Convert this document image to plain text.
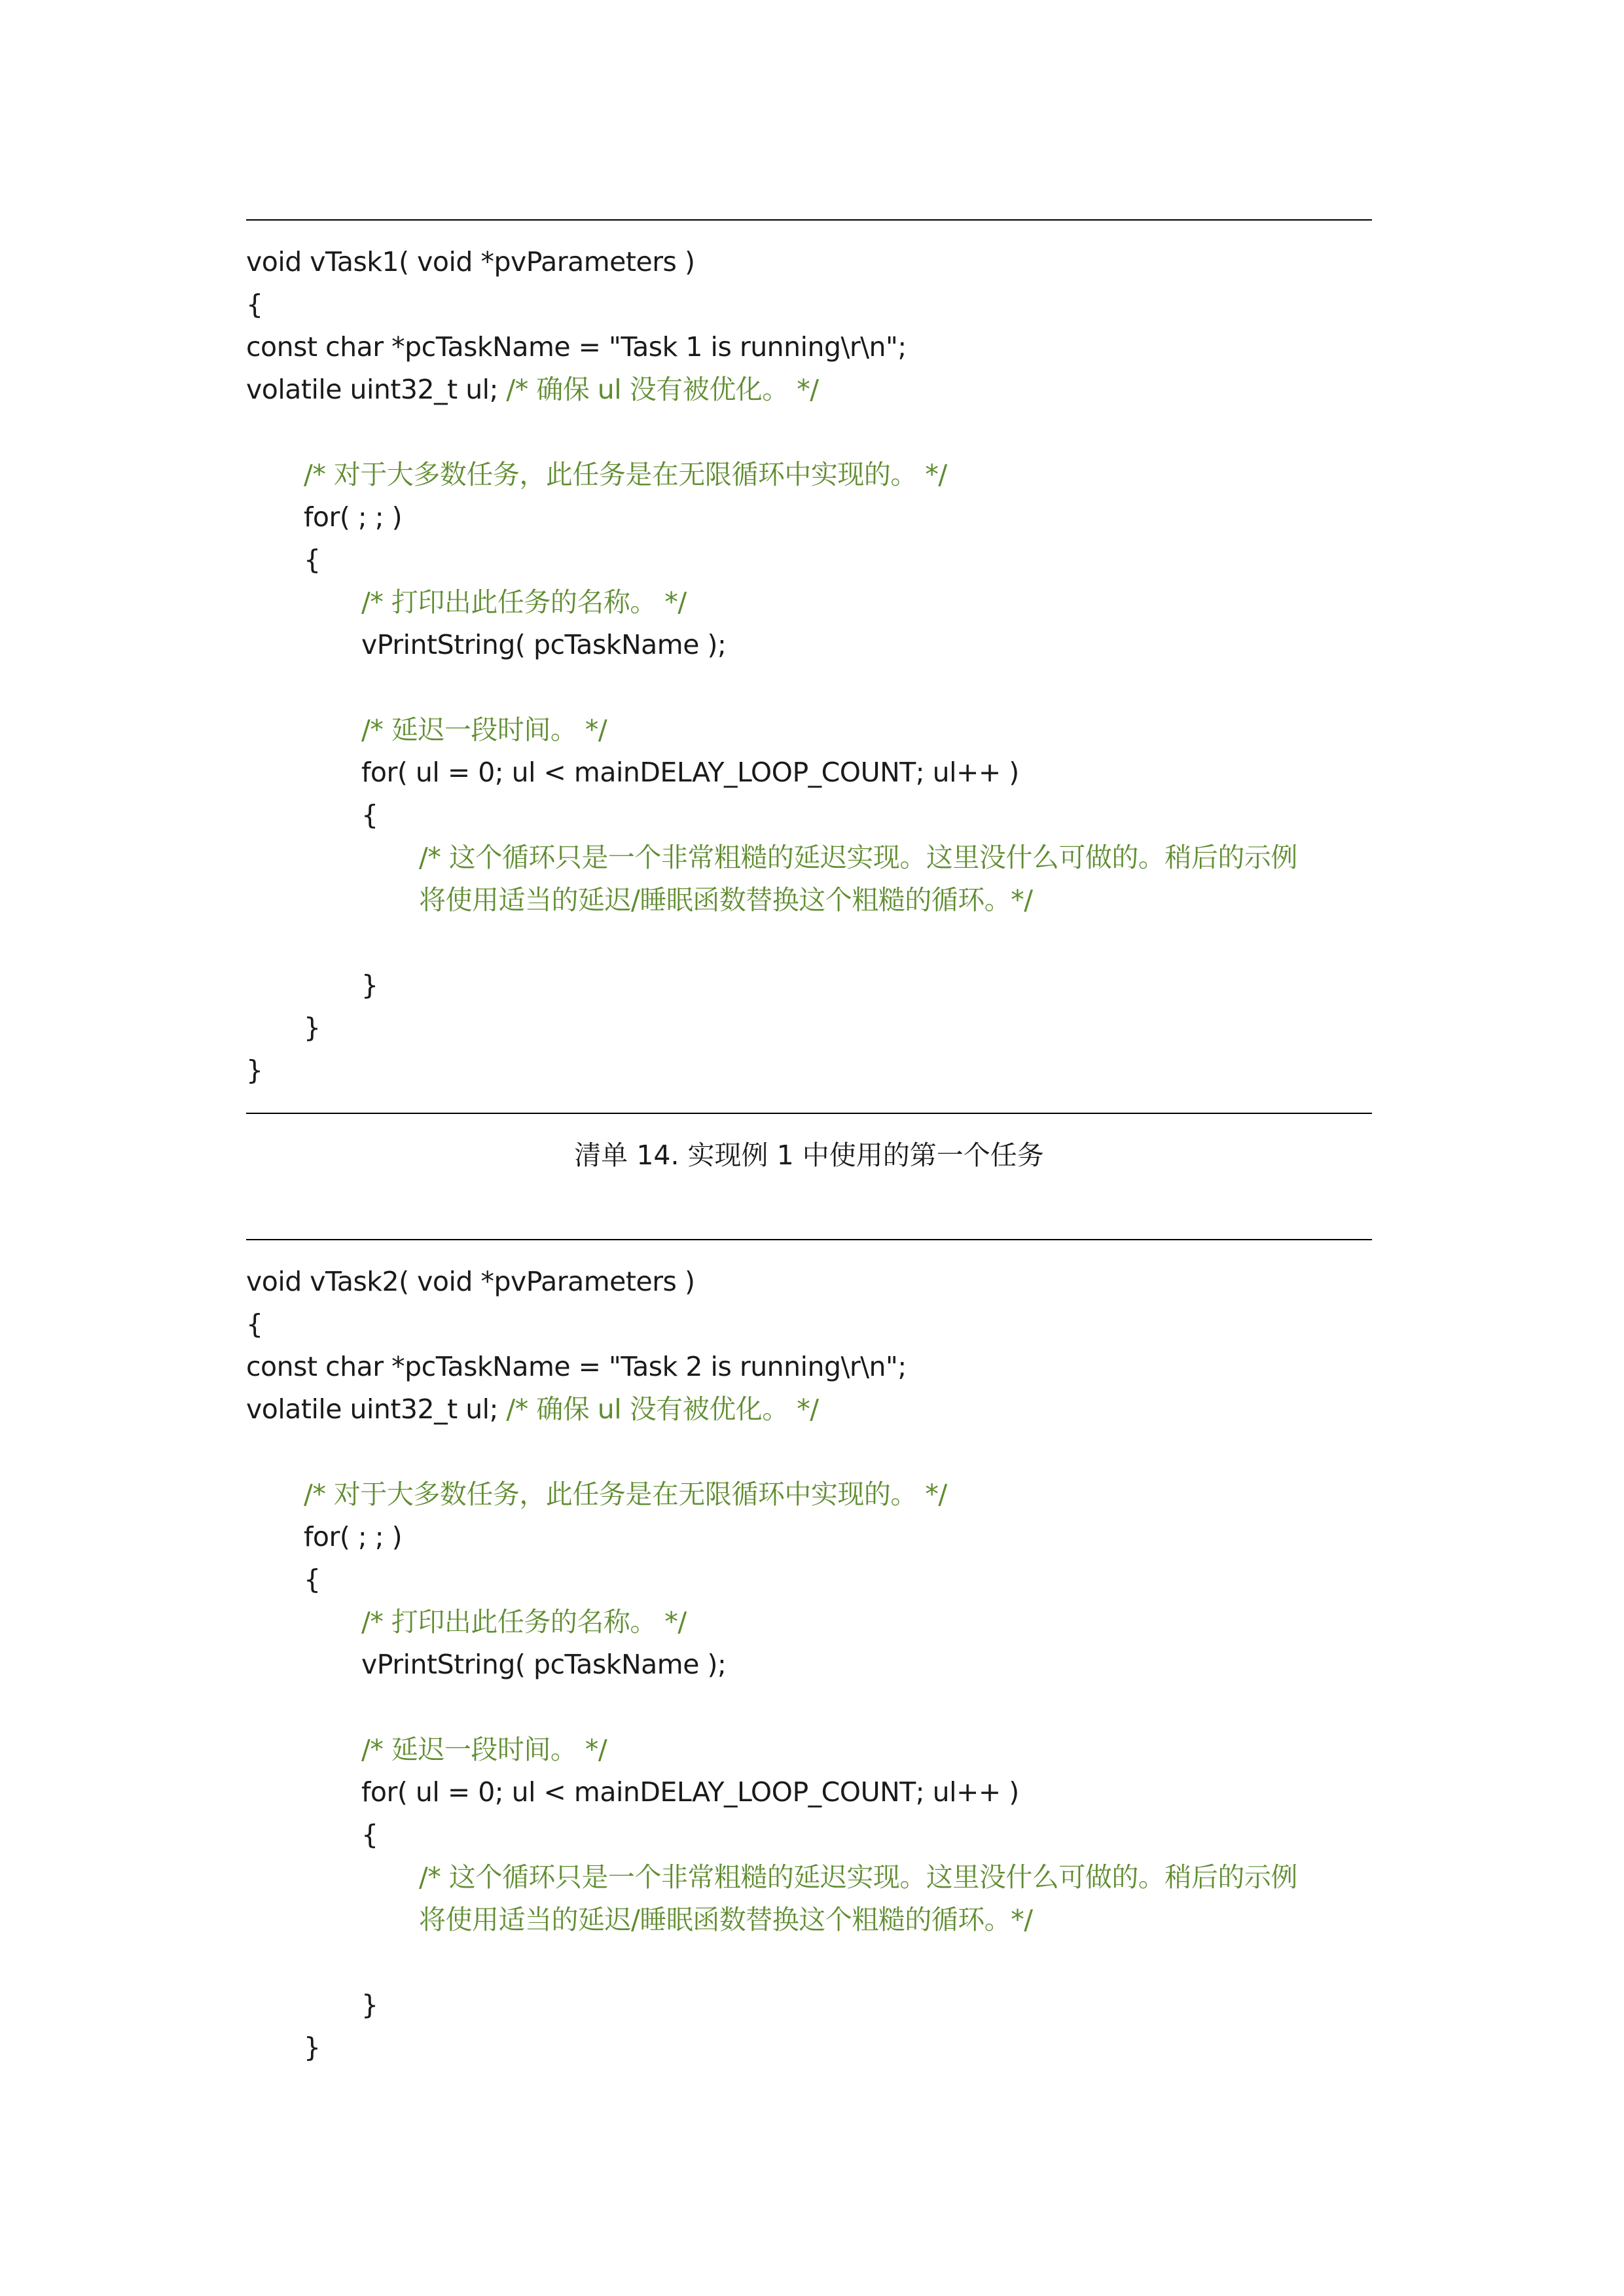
void vTask1( void *pvParameters )
{
const char *pcTaskName = "Task 1 is running\r\n";
volatile uint32_t ul; /* 确保 ul 没有被优化。 */
/* 对于大多数任务，此任务是在无限循环中实现的。 */
for( ; ; )
{
/* 打印出此任务的名称。 */
vPrintString( pcTaskName );
/* 延迟一段时间。 */
for( ul = 0; ul < mainDELAY_LOOP_COUNT; ul++ )
{
/* 这个循环只是一个非常粗糙的延迟实现。这里没什么可做的。稍后的示例
将使用适当的延迟/睡眠函数替换这个粗糙的循环。*/
}
}
}
清单 14. 实现例 1 中使用的第一个任务
void vTask2( void *pvParameters )
{
const char *pcTaskName = "Task 2 is running\r\n";
volatile uint32_t ul; /* 确保 ul 没有被优化。 */
/* 对于大多数任务，此任务是在无限循环中实现的。 */
for( ; ; )
{
/* 打印出此任务的名称。 */
vPrintString( pcTaskName );
/* 延迟一段时间。 */
for( ul = 0; ul < mainDELAY_LOOP_COUNT; ul++ )
{
/* 这个循环只是一个非常粗糙的延迟实现。这里没什么可做的。稍后的示例
将使用适当的延迟/睡眠函数替换这个粗糙的循环。*/
}
}
